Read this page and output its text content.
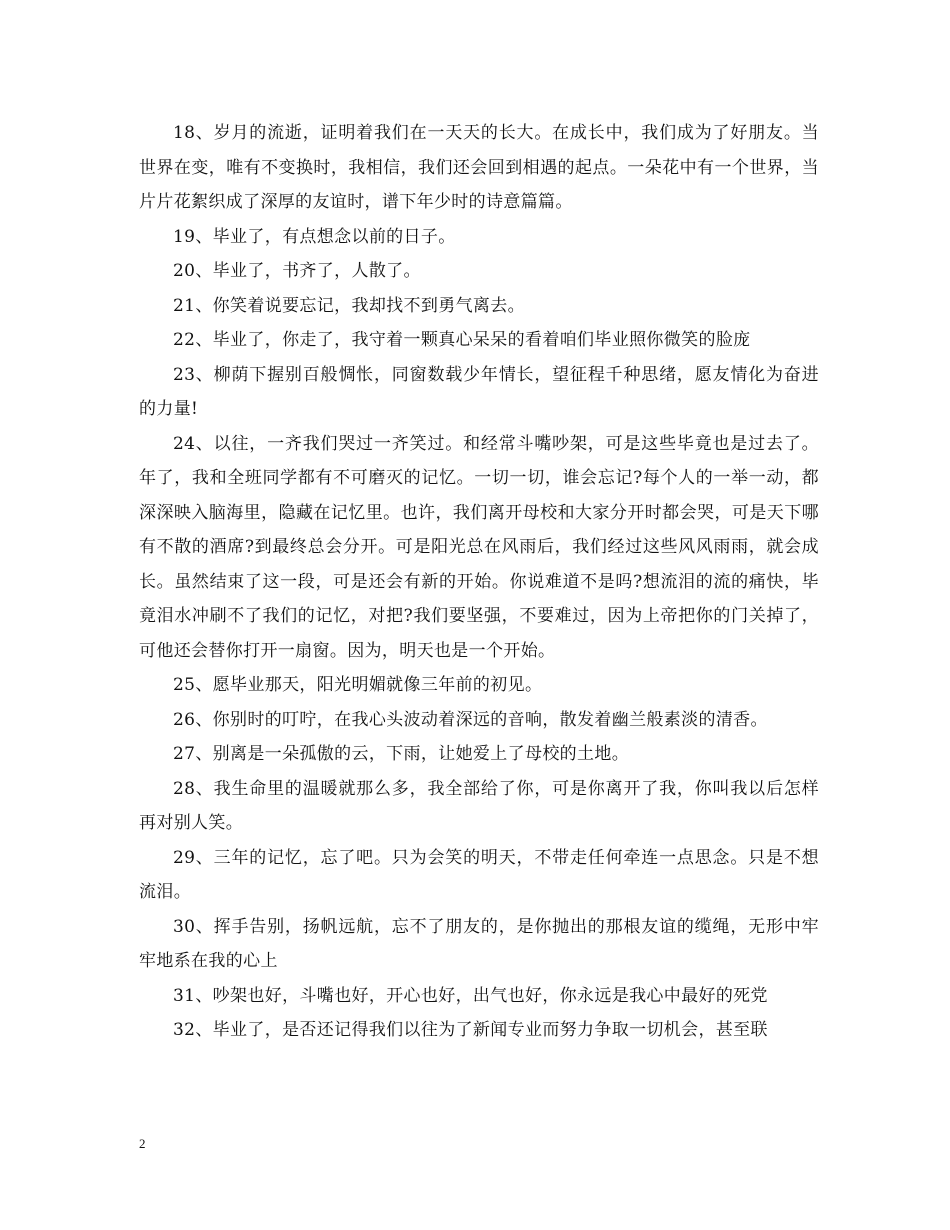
18、岁月的流逝，证明着我们在一天天的长大。在成长中，我们成为了好朋友。当世界在变，唯有不变换时，我相信，我们还会回到相遇的起点。一朵花中有一个世界，当片片花絮织成了深厚的友谊时，谱下年少时的诗意篇篇。

19、毕业了，有点想念以前的日子。

20、毕业了，书齐了，人散了。

21、你笑着说要忘记，我却找不到勇气离去。

22、毕业了，你走了，我守着一颗真心呆呆的看着咱们毕业照你微笑的脸庞

23、柳荫下握别百般惆怅，同窗数载少年情长，望征程千种思绪，愿友情化为奋进的力量!

24、以往，一齐我们哭过一齐笑过。和经常斗嘴吵架，可是这些毕竟也是过去了。年了，我和全班同学都有不可磨灭的记忆。一切一切，谁会忘记?每个人的一举一动，都深深映入脑海里，隐藏在记忆里。也许，我们离开母校和大家分开时都会哭，可是天下哪有不散的酒席?到最终总会分开。可是阳光总在风雨后，我们经过这些风风雨雨，就会成长。虽然结束了这一段，可是还会有新的开始。你说难道不是吗?想流泪的流的痛快，毕竟泪水冲刷不了我们的记忆，对把?我们要坚强，不要难过，因为上帝把你的门关掉了，可他还会替你打开一扇窗。因为，明天也是一个开始。

25、愿毕业那天，阳光明媚就像三年前的初见。

26、你别时的叮咛，在我心头波动着深远的音响，散发着幽兰般素淡的清香。

27、别离是一朵孤傲的云，下雨，让她爱上了母校的土地。

28、我生命里的温暖就那么多，我全部给了你，可是你离开了我，你叫我以后怎样再对别人笑。

29、三年的记忆，忘了吧。只为会笑的明天，不带走任何牵连一点思念。只是不想流泪。

30、挥手告别，扬帆远航，忘不了朋友的，是你抛出的那根友谊的缆绳，无形中牢牢地系在我的心上

31、吵架也好，斗嘴也好，开心也好，出气也好，你永远是我心中最好的死党

32、毕业了，是否还记得我们以往为了新闻专业而努力争取一切机会，甚至联

2
